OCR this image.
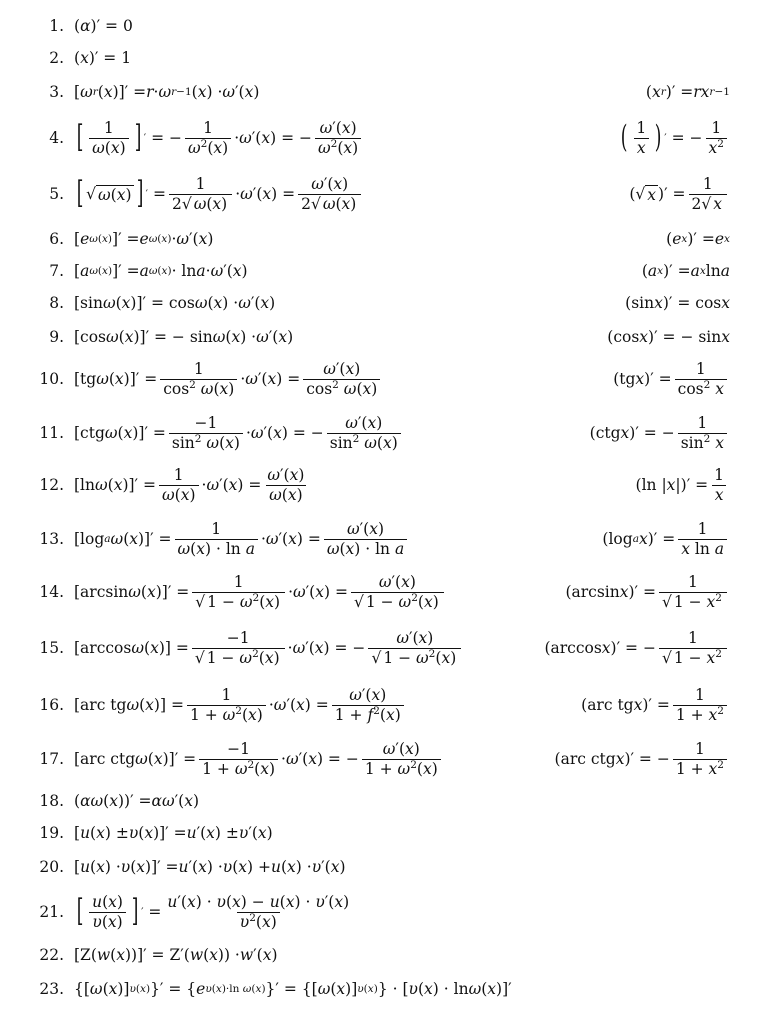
1. ( α )′ = 0
2. ( x )′ = 1
3. [ ω r ( x )]′ = r · ω r−1 ( x ) · ω ′( x )	( x r )′ = rx r−1
4. [ $\frac{1}{\omega(x)}$ ] ′ = − $\frac{1}{\omega^2(x)} \cdot \omega$ ′( x ) = − $\frac{\omega'(x)}{\omega^2(x)}$	( $\frac{1}{x}$ ) ′ = − $\frac{1}{x^2}$
5. [ √ ω(x) ] ′ = $\frac{1}{2√ \omega(x)} \cdot \omega$ ′( x ) = $\frac{\omega'(x)}{2√ \omega(x)}$	(√ x )′ = $\frac{1}{2√ x}$
6. [ e ω(x) ]′ = e ω(x) · ω ′( x )	( e x )′ = e x
7. [ a ω(x) ]′ = a ω(x) · ln a · ω ′( x )	( a x )′ = a x ln a
8. [sin ω ( x )]′ = cos ω ( x ) · ω ′( x )	(sin x )′ = cos x
9. [cos ω ( x )]′ = − sin ω ( x ) · ω ′( x )	(cos x )′ = − sin x
10. [tg ω ( x )]′ = $\frac{1}{\cos^2 \omega(x)} \cdot \omega$ ′( x ) = $\frac{\omega'(x)}{\cos^2 \omega(x)}$	(tg x )′ = $\frac{1}{\cos^2 x}$
11. [ctg ω ( x )]′ = $\frac{-1}{\sin^2 \omega(x)} \cdot \omega$ ′( x ) = − $\frac{\omega'(x)}{\sin^2 \omega(x)}$	(ctg x )′ = − $\frac{1}{\sin^2 x}$
12. [ln ω ( x )]′ = $\frac{1}{\omega(x)} \cdot \omega$ ′( x ) = $\frac{\omega'(x)}{\omega(x)}$	(ln | x |)′ = $\frac{1}{x}$
13. [log a ω ( x )]′ = $\frac{1}{\text{ω(x) · ln a}} \cdot \omega$ ′( x ) = $\frac{\omega'(x)}{\text{ω(x) · ln a}}$	(log a x )′ = $\frac{1}{\text{x ln a}}$
14. [arcsin ω ( x )]′ = $\frac{1}{√ 1 - \omega^2(x)} \cdot \omega$ ′( x ) = $\frac{\omega'(x)}{√ 1 - \omega^2(x)}$	(arcsin x )′ = $\frac{1}{√ 1 - x^2}$
15. [arccos ω ( x )] = $\frac{-1}{√ 1 - \omega^2(x)} \cdot \omega$ ′( x ) = − $\frac{\omega'(x)}{√ 1 - \omega^2(x)}$	(arccos x )′ = − $\frac{1}{√ 1 - x^2}$
16. [arc tg ω ( x )] = $\frac{1}{1 + \omega^2(x)} \cdot \omega$ ′( x ) = $\frac{\omega'(x)}{1 + f^2(x)}$	(arc tg x )′ = $\frac{1}{1 + x^2}$
17. [arc ctg ω ( x )]′ = $\frac{-1}{1 + \omega^2(x)} \cdot \omega$ ′( x ) = − $\frac{\omega'(x)}{1 + \omega^2(x)}$	(arc ctg x )′ = − $\frac{1}{1 + x^2}$
18. ( αω ( x ))′ = αω ′( x )
19. [ u ( x ) ± υ ( x )]′ = u ′( x ) ± υ ′( x )
20. [ u ( x ) · υ ( x )]′ = u ′( x ) · υ ( x ) + u ( x ) · υ ′( x )
21. [ $\frac{u(x)}{\upsilon(x)}$ ] ′ = $\frac{u'(x) \cdot \upsilon(x) - u(x) \cdot \upsilon'(x)}{\upsilon^2(x)}$
22. [Z( w ( x ))]′ = Z′( w ( x )) · w ′( x )
23. {[ ω ( x )] υ(x) }′ = { e υ(x)·ln ω(x) }′ = {[ ω ( x )] υ(x) } · [ υ ( x ) · ln ω ( x )]′
